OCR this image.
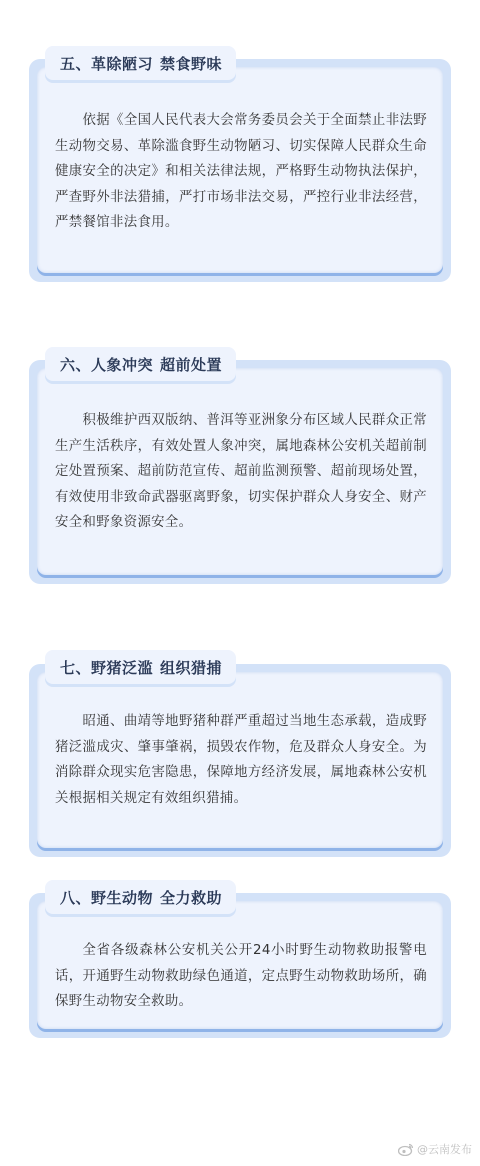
五、革除陋习 禁食野味
依据《全国人民代表大会常务委员会关于全面禁止非法野生动物交易、革除滥食野生动物陋习、切实保障人民群众生命健康安全的决定》和相关法律法规，严格野生动物执法保护，严查野外非法猎捕，严打市场非法交易，严控行业非法经营，严禁餐馆非法食用。
六、人象冲突 超前处置
积极维护西双版纳、普洱等亚洲象分布区域人民群众正常生产生活秩序，有效处置人象冲突，属地森林公安机关超前制定处置预案、超前防范宣传、超前监测预警、超前现场处置，有效使用非致命武器驱离野象，切实保护群众人身安全、财产安全和野象资源安全。
七、野猪泛滥 组织猎捕
昭通、曲靖等地野猪种群严重超过当地生态承载，造成野猪泛滥成灾、肇事肇祸，损毁农作物，危及群众人身安全。为消除群众现实危害隐患，保障地方经济发展，属地森林公安机关根据相关规定有效组织猎捕。
八、野生动物 全力救助
全省各级森林公安机关公开24小时野生动物救助报警电话，开通野生动物救助绿色通道，定点野生动物救助场所，确保野生动物安全救助。
@云南发布
